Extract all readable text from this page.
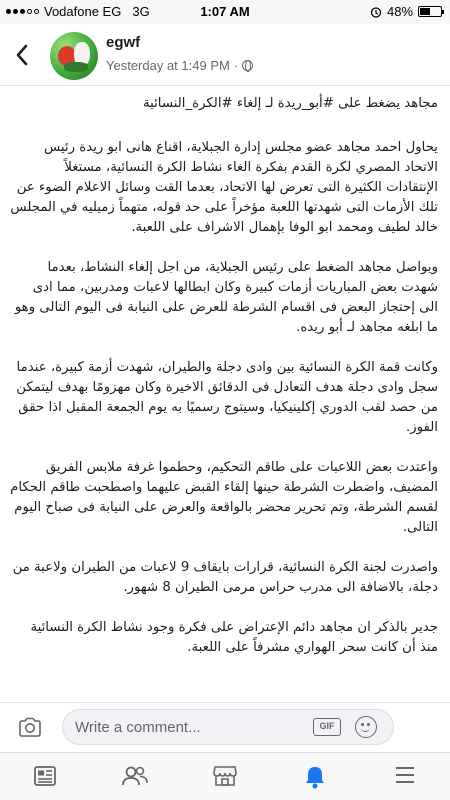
Vodafone EG 3G	1:07 AM	48%
egwf
Yesterday at 1:49 PM ·

مجاهد يضغط على #أبو_ريدة لـ إلغاء #الكرة_النسائية

يحاول احمد مجاهد عضو مجلس إدارة الجبلاية، اقناع هانى ابو ريدة رئيس الاتحاد المصري لكرة القدم بفكرة الغاء نشاط الكرة النسائية، مستغلاً الإنتقادات الكثيرة التى تعرض لها الاتحاد، بعدما القت وسائل الاعلام الضوء عن تلك الأزمات التى شهدتها اللعبة مؤخراً على حد قوله، متهماً زميليه في المجلس خالد لطيف ومحمد ابو الوفا بإهمال الاشراف على اللعبة.

ويواصل مجاهد الضغط على رئيس الجبلاية، من اجل إلغاء النشاط، بعدما شهدت بعض المباريات أزمات كبيرة وكان ابطالها لاعبات ومدربين، مما ادى الى إحتجاز البعض فى اقسام الشرطة للعرض على النيابة فى اليوم التالى وهو ما ابلغه مجاهد لـ أبو ريده.

وكانت قمة الكرة النسائية بين وادى دجلة والطيران، شهدت أزمة كبيرة، عندما سجل وادى دجلة هدف التعادل فى الدقائق الاخيرة وكان مهزومًا بهدف ليتمكن من حصد لقب الدوري إكلينيكيا، وسيتوج رسميًا به يوم الجمعة المقبل اذا حقق الفوز.

واعتدت بعض اللاعبات على طاقم التحكيم، وحطموا غرفة ملابس الفريق المضيف، واضطرت الشرطة حينها إلقاء القبض عليهما واصطحبت طاقم الحكام لقسم الشرطة، وتم تحرير محضر بالواقعة والعرض على النيابة فى صباح اليوم التالى.

واصدرت لجنة الكرة النسائية، قرارات بايقاف 9 لاعبات من الطيران ولاعبة من دجلة، بالاضافة الى مدرب حراس مرمى الطيران 8 شهور.

جدير بالذكر ان مجاهد دائم الإعتراض على فكرة وجود نشاط الكرة النسائية منذ أن كانت سحر الهواري مشرفاً على اللعبة.

Write a comment...
GIF
